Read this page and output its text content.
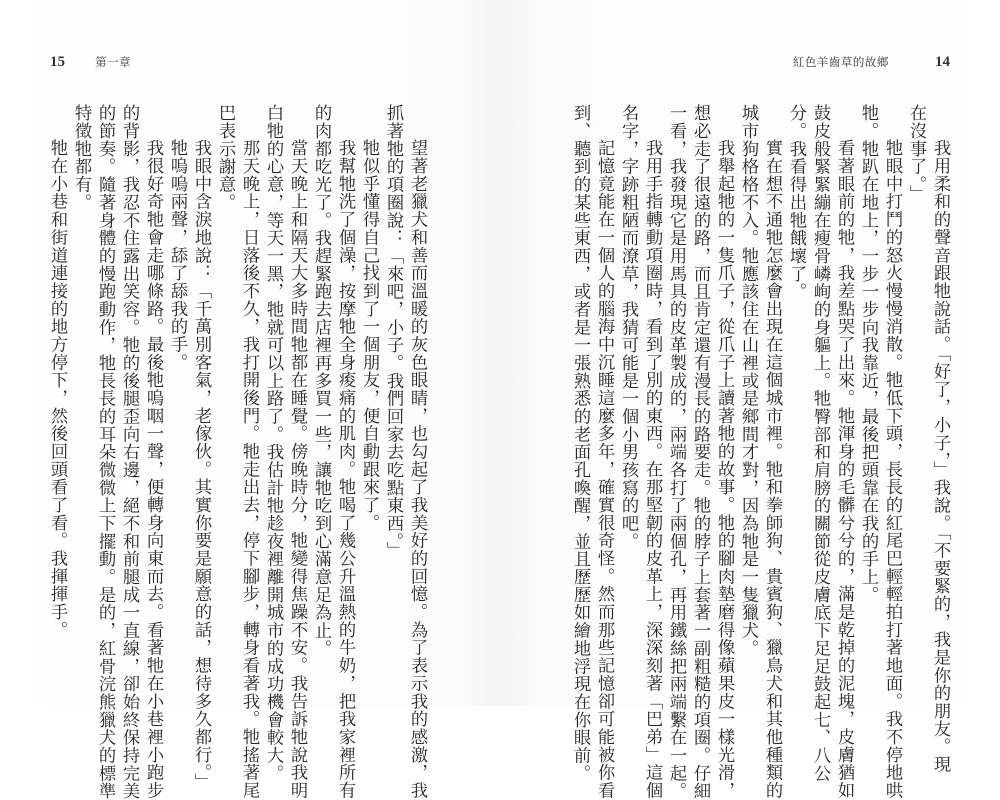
15	第一章
望著老獵犬和善而溫暖的灰色眼睛，也勾起了我美好的回憶。為了表示我的感激，我
抓著牠的項圈說：「來吧，小子。我們回家去吃點東西。」
牠似乎懂得自己找到了一個朋友，便自動跟來了。
我幫牠洗了個澡，按摩牠全身痠痛的肌肉。牠喝了幾公升溫熱的牛奶，把我家裡所有
的肉都吃光了。我趕緊跑去店裡再多買一些，讓牠吃到心滿意足為止。
當天晚上和隔天大多時間牠都在睡覺。傍晚時分，牠變得焦躁不安。我告訴牠說我明
白牠的心意，等天一黑，牠就可以上路了。我估計牠趁夜裡離開城市的成功機會較大。
那天晚上，日落後不久，我打開後門。牠走出去，停下腳步，轉身看著我。牠搖著尾
巴表示謝意。
我眼中含淚地說：「千萬別客氣，老傢伙。其實你要是願意的話，想待多久都行。」
牠嗚嗚兩聲，舔了舔我的手。
我很好奇牠會走哪條路。最後牠嗚咽一聲，便轉身向東而去。看著牠在小巷裡小跑步
的背影，我忍不住露出笑容。牠的後腿歪向右邊，絕不和前腿成一直線，卻始終保持完美
的節奏。隨著身體的慢跑動作，牠長長的耳朵微微上下擺動。是的，紅骨浣熊獵犬的標準
特徵牠都有。
牠在小巷和街道連接的地方停下，然後回頭看了看。我揮揮手。
紅色羊齒草的故鄉	14
我用柔和的聲音跟牠說話。「好了，小子，」我說。「不要緊的，我是你的朋友。現
在沒事了。」
牠眼中打鬥的怒火慢慢消散。牠低下頭，長長的紅尾巴輕輕拍打著地面。我不停地哄
牠。牠趴在地上，一步一步向我靠近，最後把頭靠在我的手上。
看著眼前的牠，我差點哭了出來。牠渾身的毛髒兮兮的，滿是乾掉的泥塊，皮膚猶如
鼓皮般緊緊繃在瘦骨嶙峋的身軀上。牠臀部和肩膀的關節從皮膚底下足足鼓起七、八公
分。我看得出牠餓壞了。
實在想不通牠怎麼會出現在這個城市裡。牠和拳師狗、貴賓狗、獵鳥犬和其他種類的
城市狗格格不入。牠應該住在山裡或是鄉間才對，因為牠是一隻獵犬。
我舉起牠的一隻爪子，從爪子上讀著牠的故事。牠的腳肉墊磨得像蘋果皮一樣光滑，
想必走了很遠的路，而且肯定還有漫長的路要走。牠的脖子上套著一副粗糙的項圈。仔細
一看，我發現它是用馬具的皮革製成的，兩端各打了兩個孔，再用鐵絲把兩端繫在一起。
我用手指轉動項圈時，看到了別的東西。在那堅韌的皮革上，深深刻著「巴弟」這個
名字，字跡粗陋而潦草，我猜可能是一個小男孩寫的吧。
記憶竟能在一個人的腦海中沉睡這麼多年，確實很奇怪。然而那些記憶卻可能被你看
到、聽到的某些東西，或者是一張熟悉的老面孔喚醒，並且歷歷如繪地浮現在你眼前。
